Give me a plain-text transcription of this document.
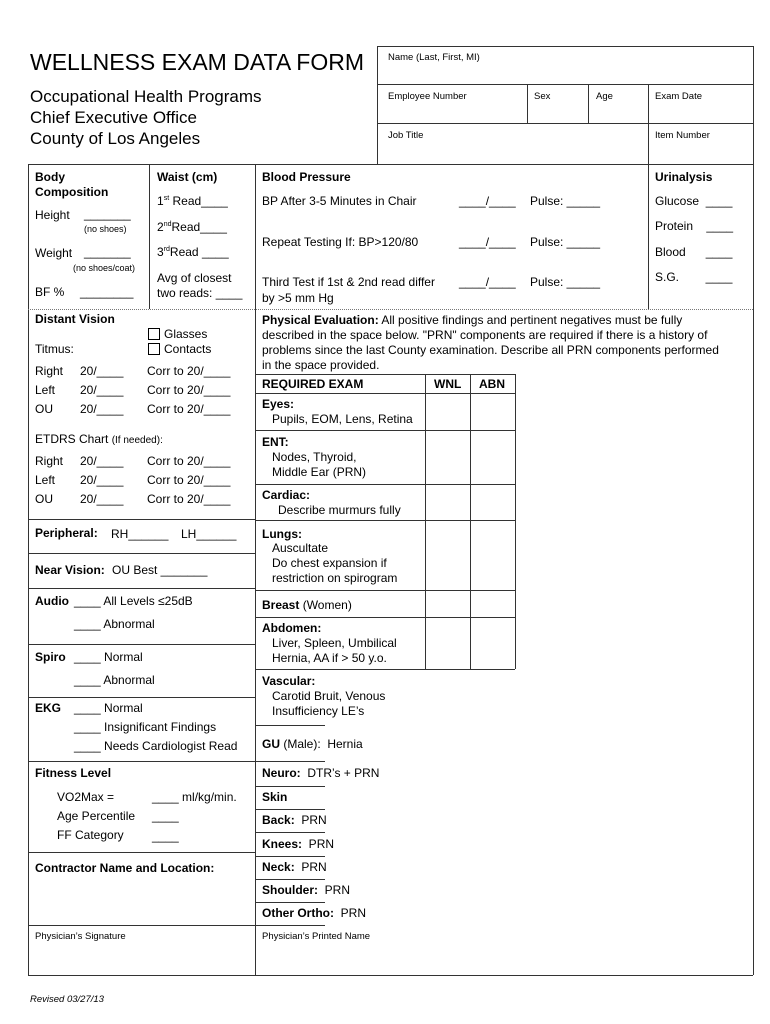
WELLNESS EXAM DATA FORM
Occupational Health Programs
Chief Executive Office
County of Los Angeles
Name (Last, First, MI)
Employee Number	Sex	Age	Exam Date
Job Title	Item Number
Body
Composition
Height _______
(no shoes)
Weight _______
(no shoes/coat)
BF % ________
Waist (cm)
1st Read____
2ndRead____
3rdRead ____
Avg of closest
two reads: ____
Blood Pressure
BP After 3-5 Minutes in Chair	____/____ Pulse: _____
Repeat Testing If: BP>120/80	____/____ Pulse: _____
Third Test if 1st & 2nd read differ
by >5 mm Hg
____/____ Pulse: _____
Urinalysis
Glucose  ____
Protein    ____
Blood      ____
S.G.        ____
Distant Vision
Glasses
Contacts
Titmus:
Right 20/____ Corr to 20/____
Left 20/____ Corr to 20/____
OU 20/____ Corr to 20/____
ETDRS Chart (If needed):
Right 20/____ Corr to 20/____
Left 20/____ Corr to 20/____
OU 20/____ Corr to 20/____
Peripheral: RH______ LH______
Near Vision: OU Best _______
Audio ____ All Levels ≤25dB
____ Abnormal
Spiro ____ Normal
____ Abnormal
EKG ____ Normal
____ Insignificant Findings
____ Needs Cardiologist Read
Fitness Level
VO2Max =	____ ml/kg/min.
Age Percentile ____
FF Category ____
Contractor Name and Location:
Physical Evaluation: All positive findings and pertinent negatives must be fully
described in the space below. "PRN" components are required if there is a history of
problems since the last County examination. Describe all PRN components performed
in the space provided.
REQUIRED EXAM	WNL ABN
Eyes:
Pupils, EOM, Lens, Retina
ENT:
Nodes, Thyroid,
Middle Ear (PRN)
Cardiac:
Describe murmurs fully
Lungs:
Auscultate
Do chest expansion if
restriction on spirogram
Breast (Women)
Abdomen:
Liver, Spleen, Umbilical
Hernia, AA if > 50 y.o.
Vascular:
Carotid Bruit, Venous
Insufficiency LE’s
GU (Male):  Hernia
Neuro:  DTR’s + PRN
Skin
Back:  PRN
Knees:  PRN
Neck:  PRN
Shoulder:  PRN
Other Ortho:  PRN
Physician’s Signature	Physician’s Printed Name
Revised 03/27/13
